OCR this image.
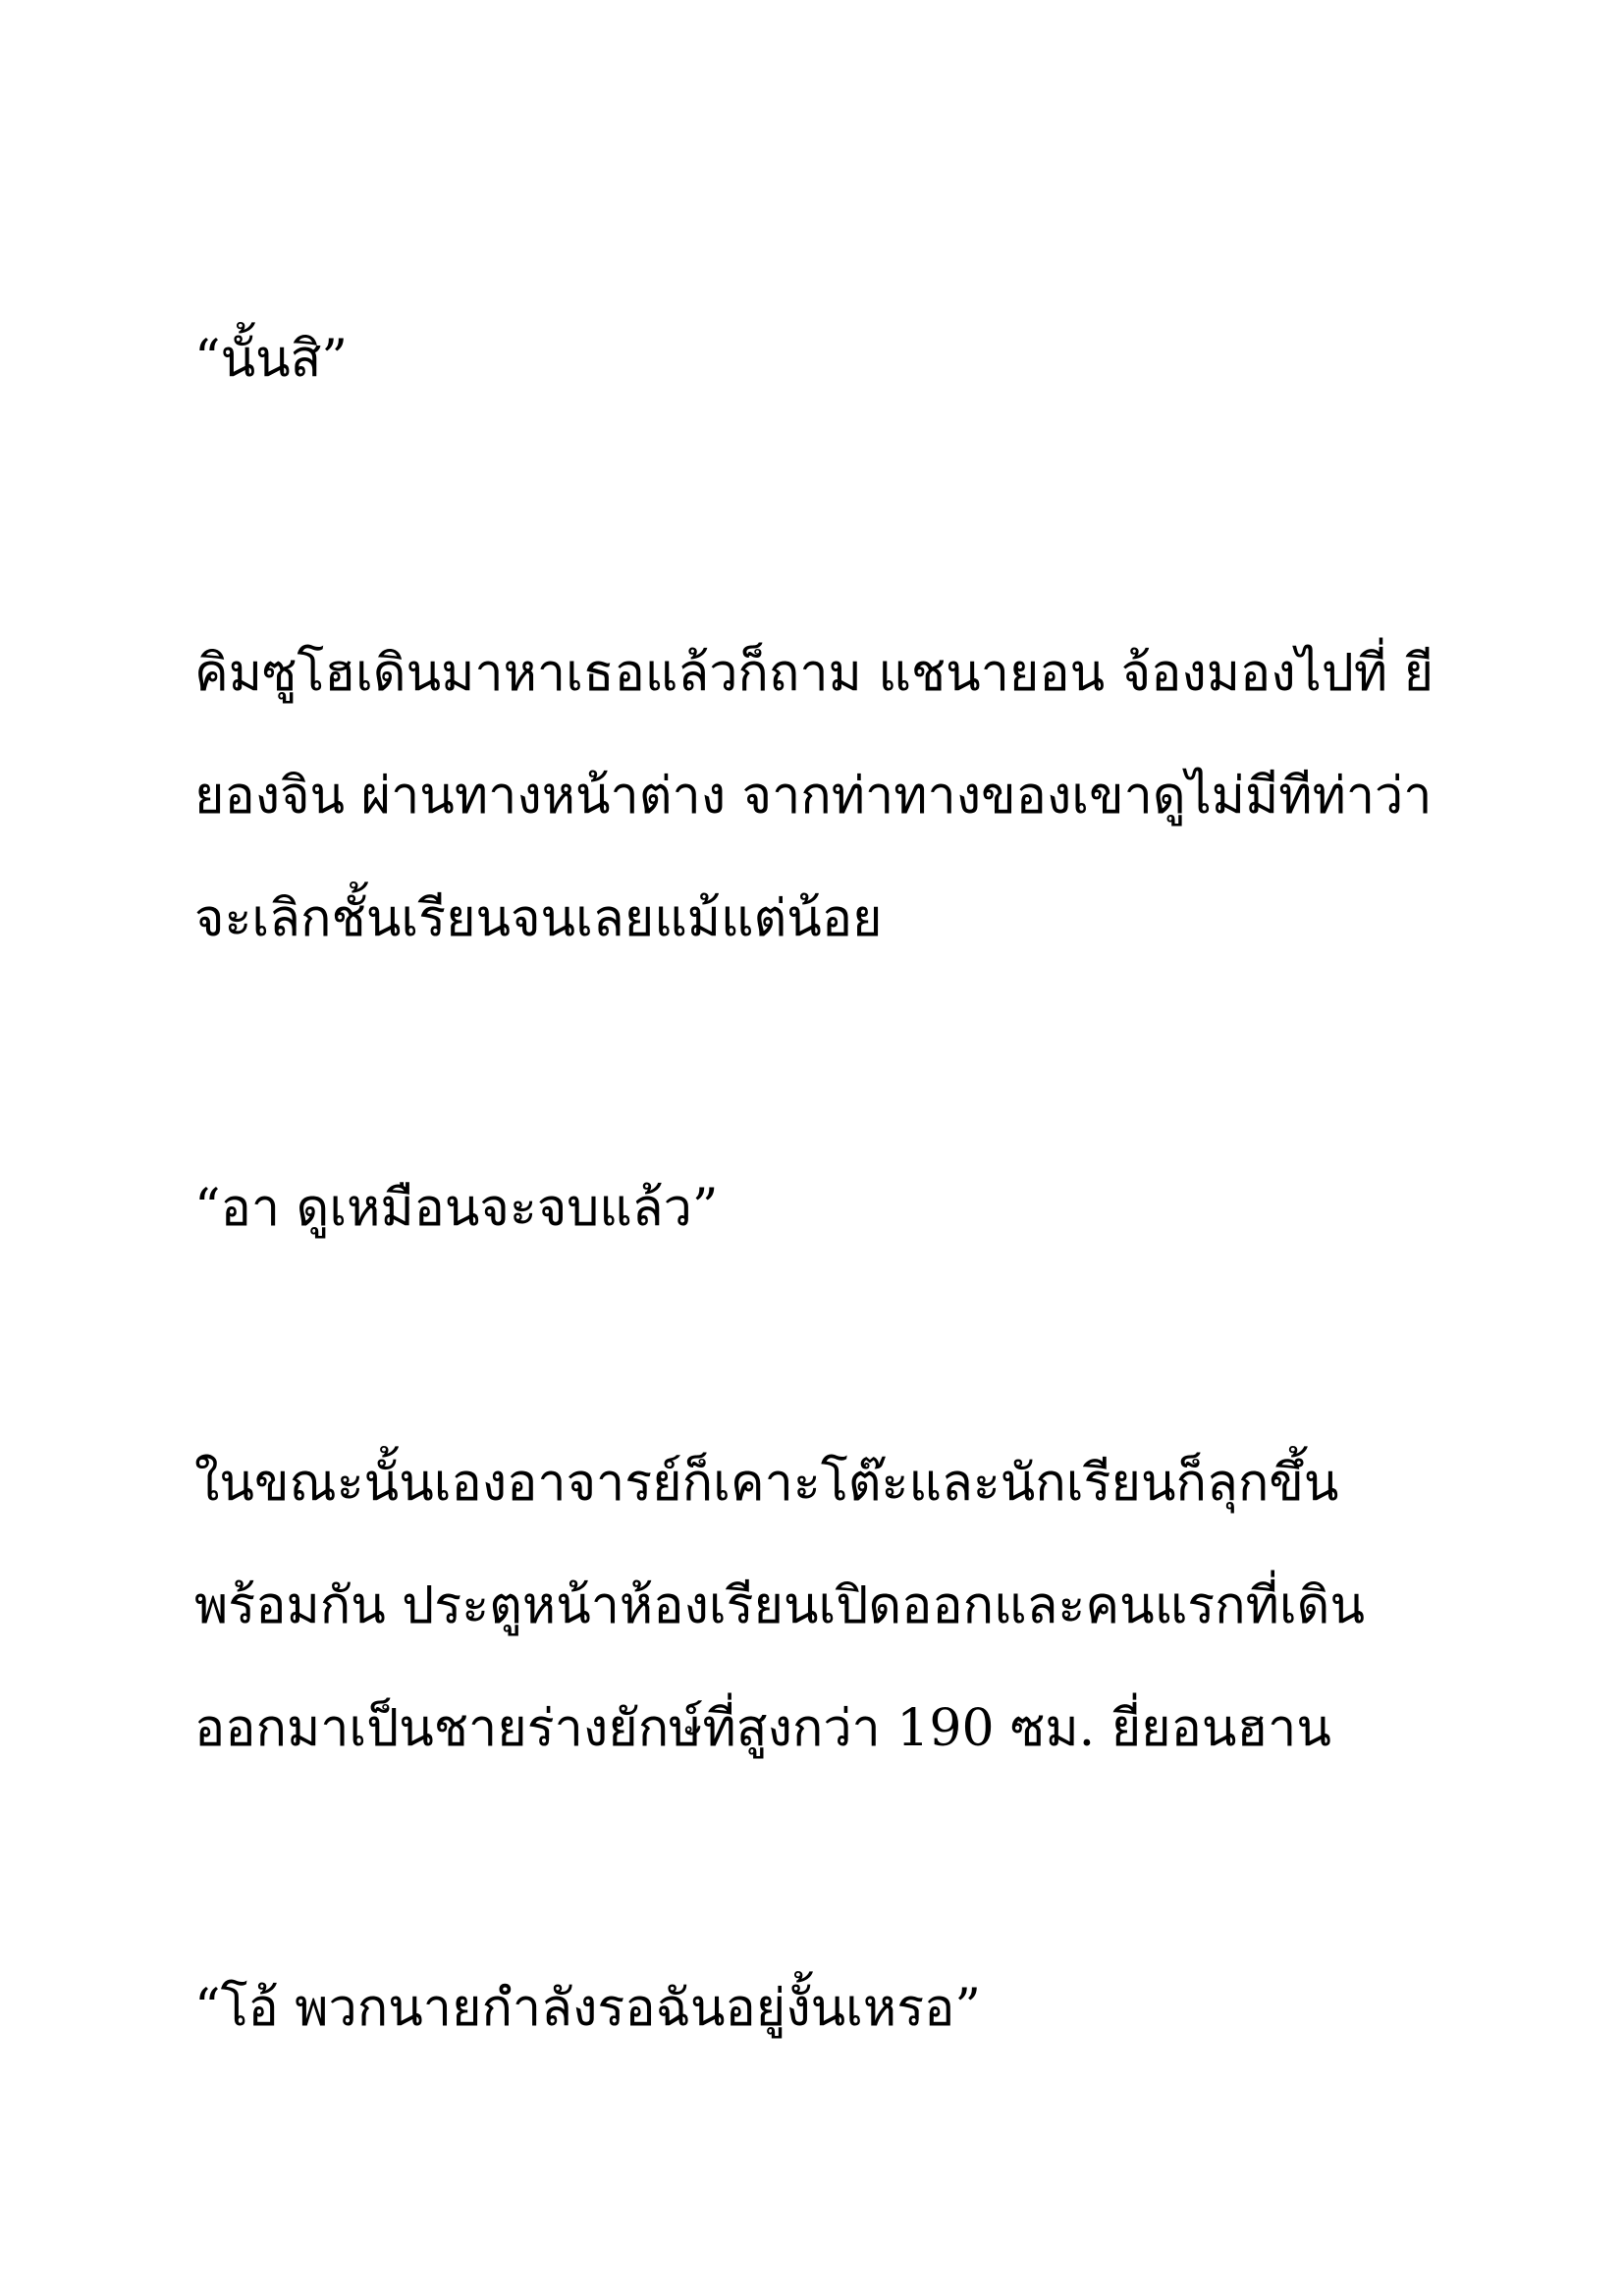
“นั้นสิ”

คิมซูโฮเดินมาหาเธอแล้วก็ถาม แชนายอน จ้องมองไปที่ ยี

ยองจิน ผ่านทางหน้าต่าง จากท่าทางของเขาดูไม่มีทีท่าว่า

จะเลิกชั้นเรียนจนเลยแม้แต่น้อย

“อา ดูเหมือนจะจบแล้ว”

ในขณะนั้นเองอาจารย์ก็เคาะโต๊ะและนักเรียนก็ลุกขึ้น

พร้อมกัน ประตูหน้าห้องเรียนเปิดออกและคนแรกที่เดิน

ออกมาเป็นชายร่างยักษ์ที่สูงกว่า 190 ซม. ยี่ยอนฮาน

“โอ้ พวกนายกำลังรอฉันอยู่งั้นเหรอ”
